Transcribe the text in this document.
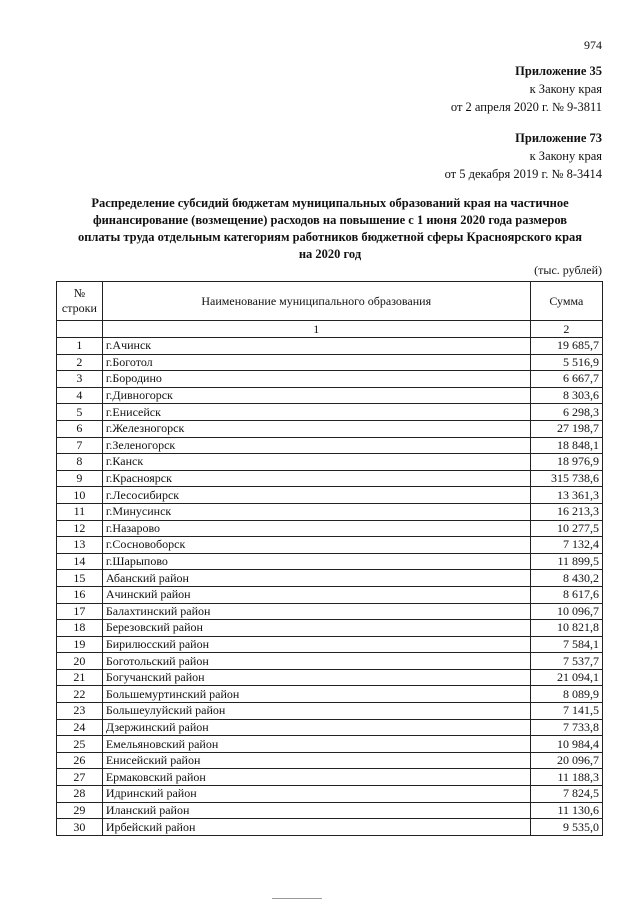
974
Приложение 35
к Закону края
от 2 апреля 2020 г. № 9-3811
Приложение 73
к Закону края
от 5 декабря 2019 г. № 8-3414
Распределение субсидий бюджетам муниципальных образований края на частичное
финансирование (возмещение) расходов на повышение с 1 июня 2020 года размеров
оплаты труда отдельным категориям работников бюджетной сферы Красноярского края
на 2020 год
(тыс. рублей)
№ строки	Наименование муниципального образования	Сумма
	1	2
1	г.Ачинск	19 685,7
2	г.Боготол	5 516,9
3	г.Бородино	6 667,7
4	г.Дивногорск	8 303,6
5	г.Енисейск	6 298,3
6	г.Железногорск	27 198,7
7	г.Зеленогорск	18 848,1
8	г.Канск	18 976,9
9	г.Красноярск	315 738,6
10	г.Лесосибирск	13 361,3
11	г.Минусинск	16 213,3
12	г.Назарово	10 277,5
13	г.Сосновоборск	7 132,4
14	г.Шарыпово	11 899,5
15	Абанский район	8 430,2
16	Ачинский район	8 617,6
17	Балахтинский район	10 096,7
18	Березовский район	10 821,8
19	Бирилюсский район	7 584,1
20	Боготольский район	7 537,7
21	Богучанский район	21 094,1
22	Большемуртинский район	8 089,9
23	Большеулуйский район	7 141,5
24	Дзержинский район	7 733,8
25	Емельяновский район	10 984,4
26	Енисейский район	20 096,7
27	Ермаковский район	11 188,3
28	Идринский район	7 824,5
29	Иланский район	11 130,6
30	Ирбейский район	9 535,0
